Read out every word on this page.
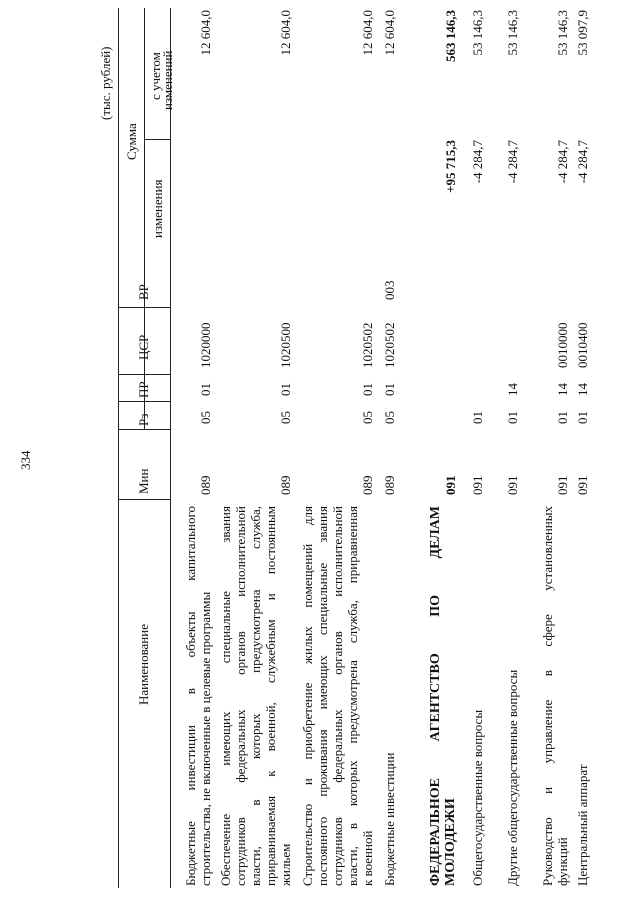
334
(тыс. рублей)
Наименование
Мин
Рз
ПР
ЦСР
ВР
Сумма
изменения
с учетом
изменений
Бюджетные инвестиции в объекты капитального строительства, не включенные в целевые программы
089
05
01
1020000
12 604,0
Обеспечение имеющих специальные звания сотрудников федеральных органов исполнительной власти, в которых предусмотрена служба, приравниваемая к военной, служебным и постоянным жильем
089
05
01
1020500
12 604,0
Строительство и приобретение жилых помещений для постоянного проживания имеющих специальные звания сотрудников федеральных органов исполнительной власти, в которых предусмотрена служба, приравненная к военной
089
05
01
1020502
12 604,0
Бюджетные инвестиции
089
05
01
1020502
003
12 604,0
ФЕДЕРАЛЬНОЕ АГЕНТСТВО ПО ДЕЛАМ МОЛОДЕЖИ
091
+95 715,3
563 146,3
Общегосударственные вопросы
091
01
-4 284,7
53 146,3
Другие общегосударственные вопросы
091
01
14
-4 284,7
53 146,3
Руководство и управление в сфере установленных функций
091
01
14
0010000
-4 284,7
53 146,3
Центральный аппарат
091
01
14
0010400
-4 284,7
53 097,9
